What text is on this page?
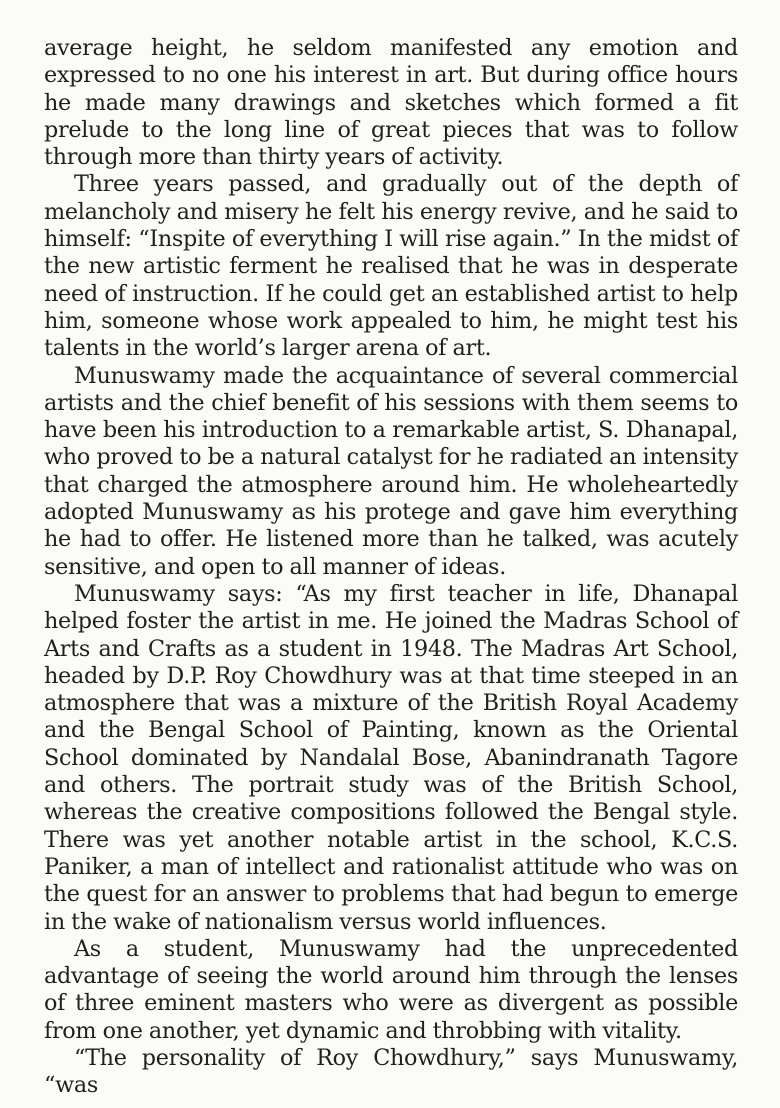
average height, he seldom manifested any emotion and expressed to no one his interest in art. But during office hours he made many drawings and sketches which formed a fit prelude to the long line of great pieces that was to follow through more than thirty years of activity.

Three years passed, and gradually out of the depth of melancholy and misery he felt his energy revive, and he said to himself: “Inspite of everything I will rise again.” In the midst of the new artistic ferment he realised that he was in desperate need of instruction. If he could get an established artist to help him, someone whose work appealed to him, he might test his talents in the world’s larger arena of art.

Munuswamy made the acquaintance of several commercial artists and the chief benefit of his sessions with them seems to have been his introduction to a remarkable artist, S. Dhanapal, who proved to be a natural catalyst for he radiated an intensity that charged the atmosphere around him. He wholeheartedly adopted Munuswamy as his protege and gave him everything he had to offer. He listened more than he talked, was acutely sensitive, and open to all manner of ideas.

Munuswamy says: “As my first teacher in life, Dhanapal helped foster the artist in me. He joined the Madras School of Arts and Crafts as a student in 1948. The Madras Art School, headed by D.P. Roy Chowdhury was at that time steeped in an atmosphere that was a mixture of the British Royal Academy and the Bengal School of Painting, known as the Oriental School dominated by Nandalal Bose, Abanindranath Tagore and others. The portrait study was of the British School, whereas the creative compositions followed the Bengal style. There was yet another notable artist in the school, K.C.S. Paniker, a man of intellect and rationalist attitude who was on the quest for an answer to problems that had begun to emerge in the wake of nationalism versus world influences.

As a student, Munuswamy had the unprecedented advantage of seeing the world around him through the lenses of three eminent masters who were as divergent as possible from one another, yet dynamic and throbbing with vitality.

“The personality of Roy Chowdhury,” says Munuswamy, “was
